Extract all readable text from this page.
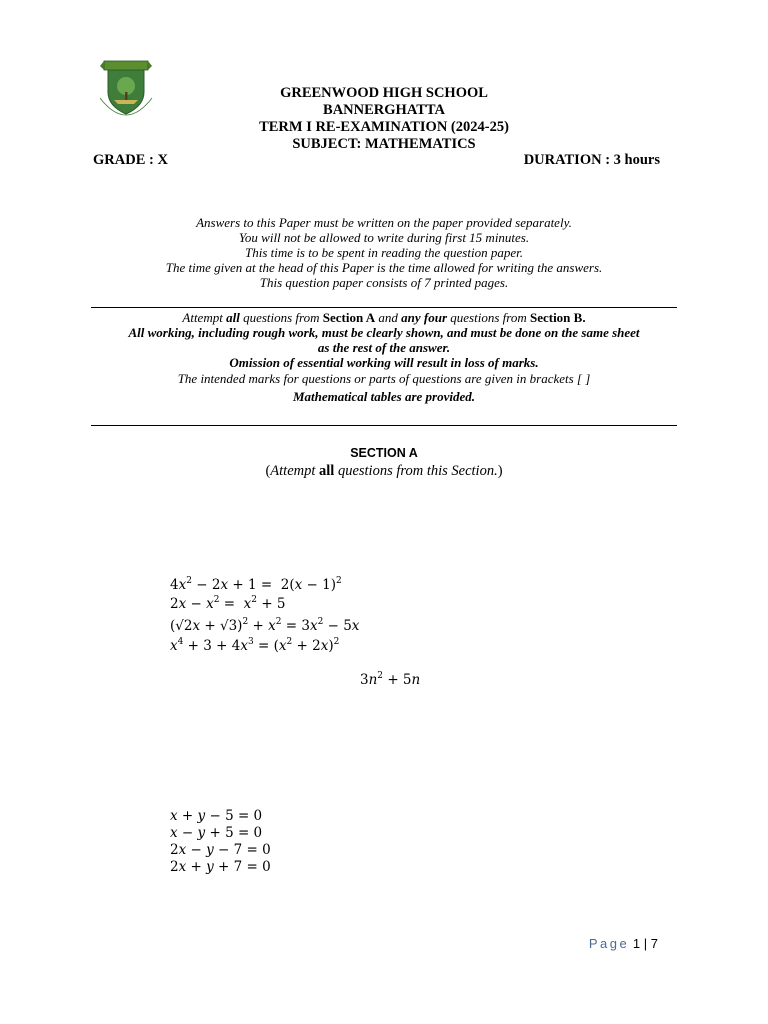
GREENWOOD HIGH SCHOOL
BANNERGHATTA
TERM I RE-EXAMINATION (2024-25)
SUBJECT: MATHEMATICS
GRADE : X	DURATION : 3 hours
Answers to this Paper must be written on the paper provided separately.
You will not be allowed to write during first 15 minutes.
This time is to be spent in reading the question paper.
The time given at the head of this Paper is the time allowed for writing the answers.
This question paper consists of 7 printed pages.
Attempt all questions from Section A and any four questions from Section B.
All working, including rough work, must be clearly shown, and must be done on the same sheet
as the rest of the answer.
Omission of essential working will result in loss of marks.
The intended marks for questions or parts of questions are given in brackets [ ]
Mathematical tables are provided.
SECTION A
(Attempt all questions from this Section.)
$4x^2 - 2x + 1 = 2(x - 1)^2$
$2x - x^2 = x^2 + 5$
$(√2x + √3)^2 + x^2 = 3x^2 - 5x$
$x^4 + 3 + 4x^3 = (x^2 + 2x)^2$
$3n^2 + 5n$
x + y − 5 = 0
x − y + 5 = 0
2x − y − 7 = 0
2x + y + 7 = 0
Page 1 | 7
